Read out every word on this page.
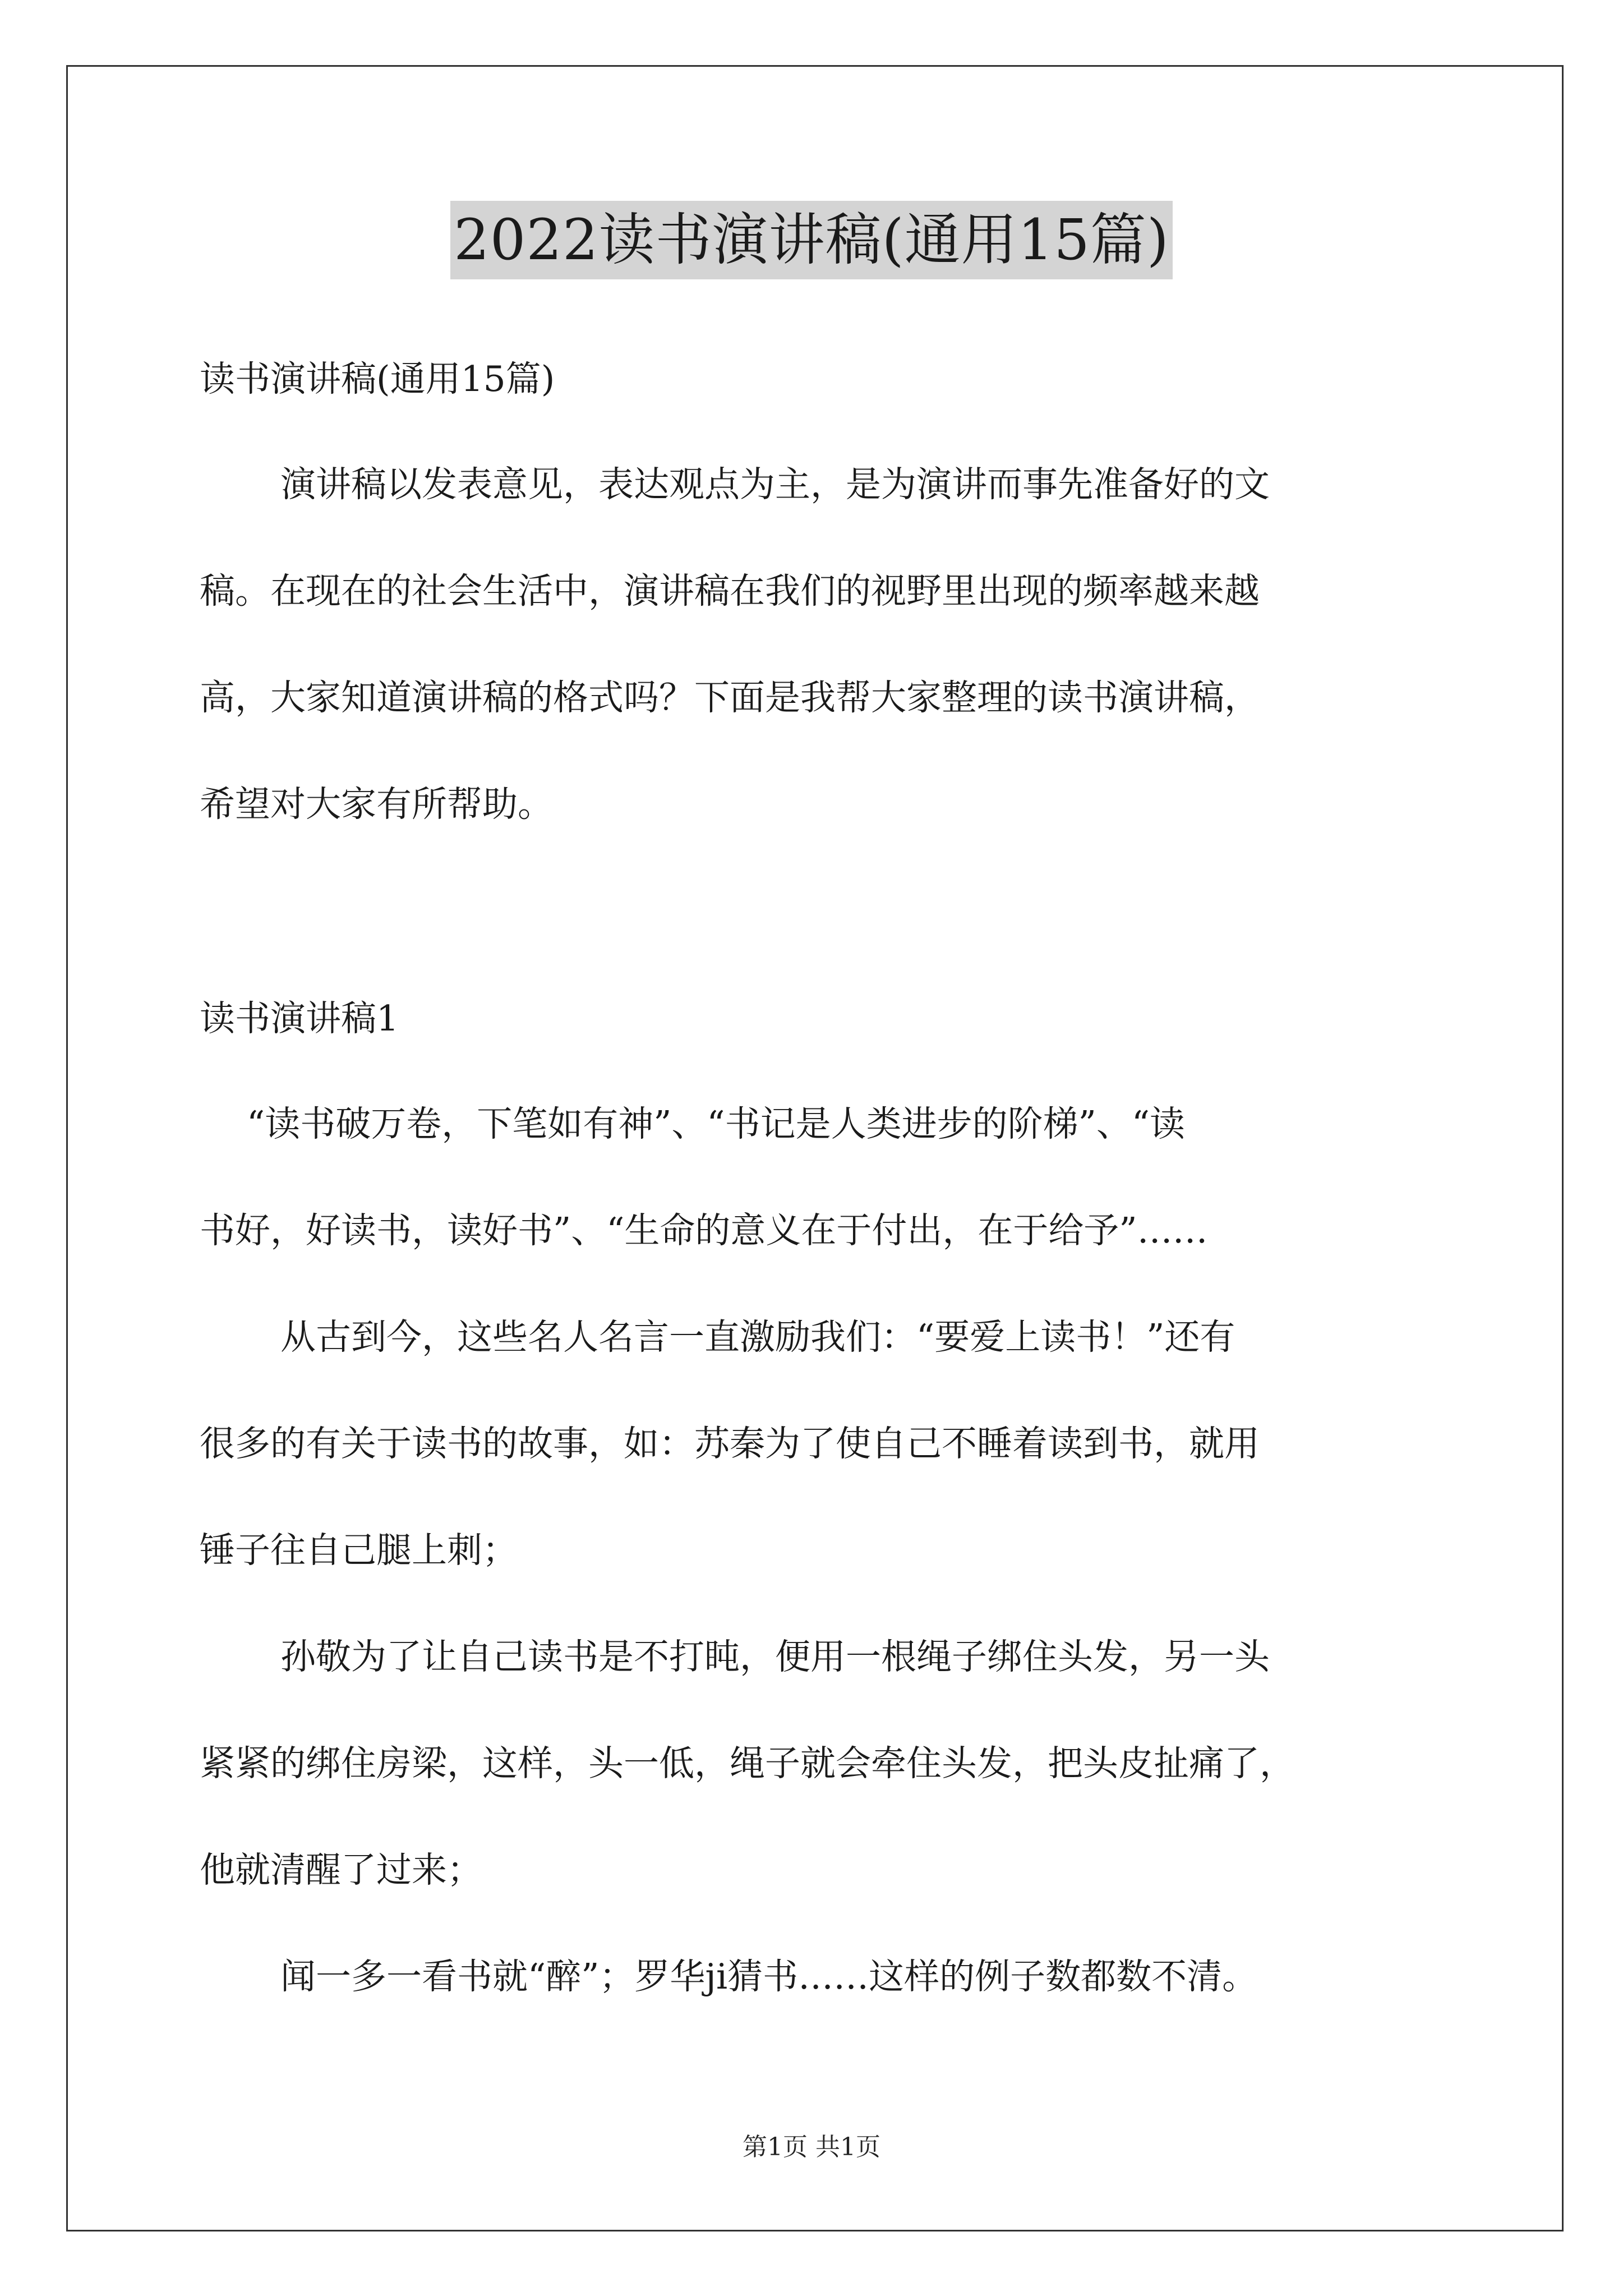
2022读书演讲稿(通用15篇)
读书演讲稿(通用15篇)
演讲稿以发表意见，表达观点为主，是为演讲而事先准备好的文
稿。在现在的社会生活中，演讲稿在我们的视野里出现的频率越来越
高，大家知道演讲稿的格式吗？下面是我帮大家整理的读书演讲稿，
希望对大家有所帮助。
读书演讲稿1
“读书破万卷，下笔如有神”、“书记是人类进步的阶梯”、“读
书好，好读书，读好书”、“生命的意义在于付出，在于给予”……
从古到今，这些名人名言一直激励我们：“要爱上读书！”还有
很多的有关于读书的故事，如：苏秦为了使自己不睡着读到书，就用
锤子往自己腿上刺；
孙敬为了让自己读书是不打盹，便用一根绳子绑住头发，另一头
紧紧的绑住房梁，这样，头一低，绳子就会牵住头发，把头皮扯痛了，
他就清醒了过来；
闻一多一看书就“醉”；罗华ji猜书……这样的例子数都数不清。
第1页 共1页
